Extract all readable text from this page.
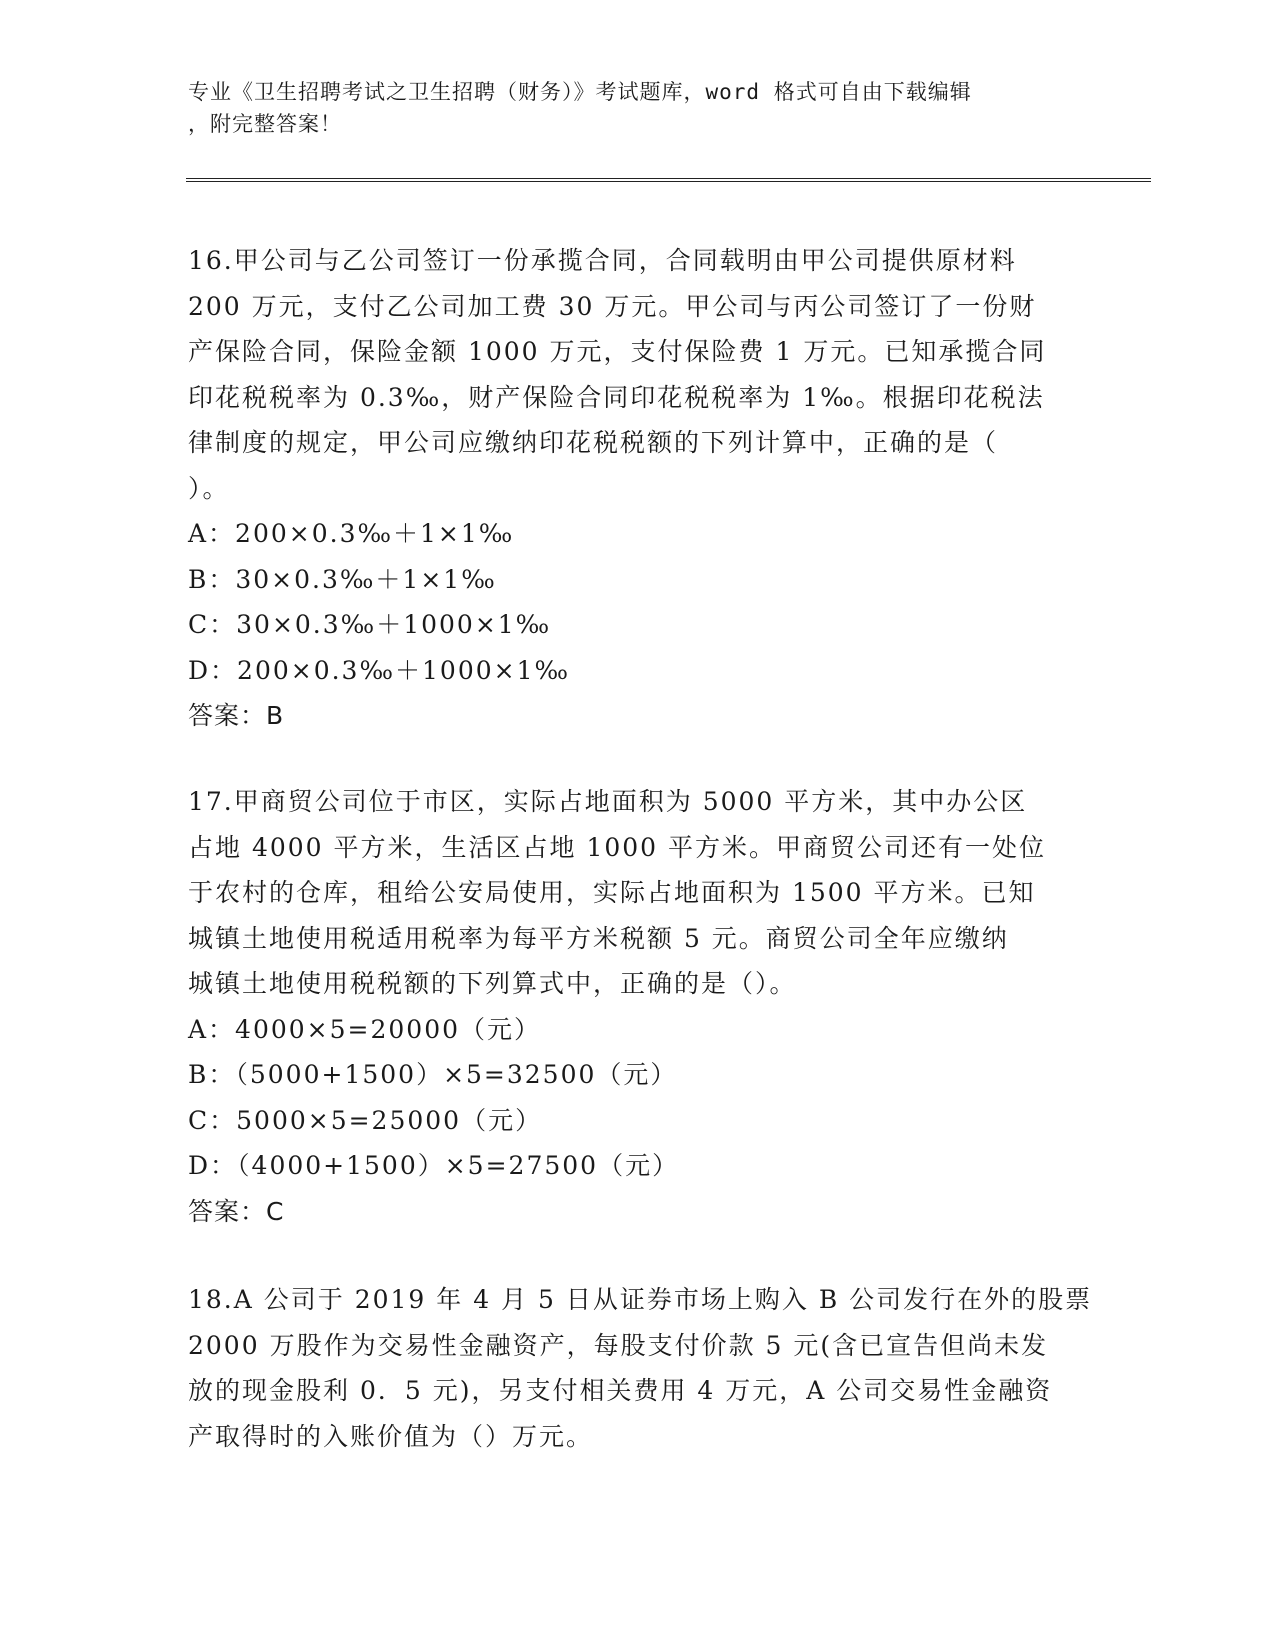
专业《卫生招聘考试之卫生招聘（财务）》考试题库，word 格式可自由下载编辑
，附完整答案！
16.甲公司与乙公司签订一份承揽合同，合同载明由甲公司提供原材料
200 万元，支付乙公司加工费 30 万元。甲公司与丙公司签订了一份财
产保险合同，保险金额 1000 万元，支付保险费 1 万元。已知承揽合同
印花税税率为 0.3‰，财产保险合同印花税税率为 1‰。根据印花税法
律制度的规定，甲公司应缴纳印花税税额的下列计算中，正确的是（
）。
A：200×0.3‰＋1×1‰
B：30×0.3‰＋1×1‰
C：30×0.3‰＋1000×1‰
D：200×0.3‰＋1000×1‰
答案：B
17.甲商贸公司位于市区，实际占地面积为 5000 平方米，其中办公区
占地 4000 平方米，生活区占地 1000 平方米。甲商贸公司还有一处位
于农村的仓库，租给公安局使用，实际占地面积为 1500 平方米。已知
城镇土地使用税适用税率为每平方米税额 5 元。商贸公司全年应缴纳
城镇土地使用税税额的下列算式中，正确的是（）。
A：4000×5=20000（元）
B：（5000+1500）×5=32500（元）
C：5000×5=25000（元）
D：（4000+1500）×5=27500（元）
答案：C
18.A 公司于 2019 年 4 月 5 日从证券市场上购入 B 公司发行在外的股票
2000 万股作为交易性金融资产，每股支付价款 5 元(含已宣告但尚未发
放的现金股利 0．5 元)，另支付相关费用 4 万元，A 公司交易性金融资
产取得时的入账价值为（）万元。
